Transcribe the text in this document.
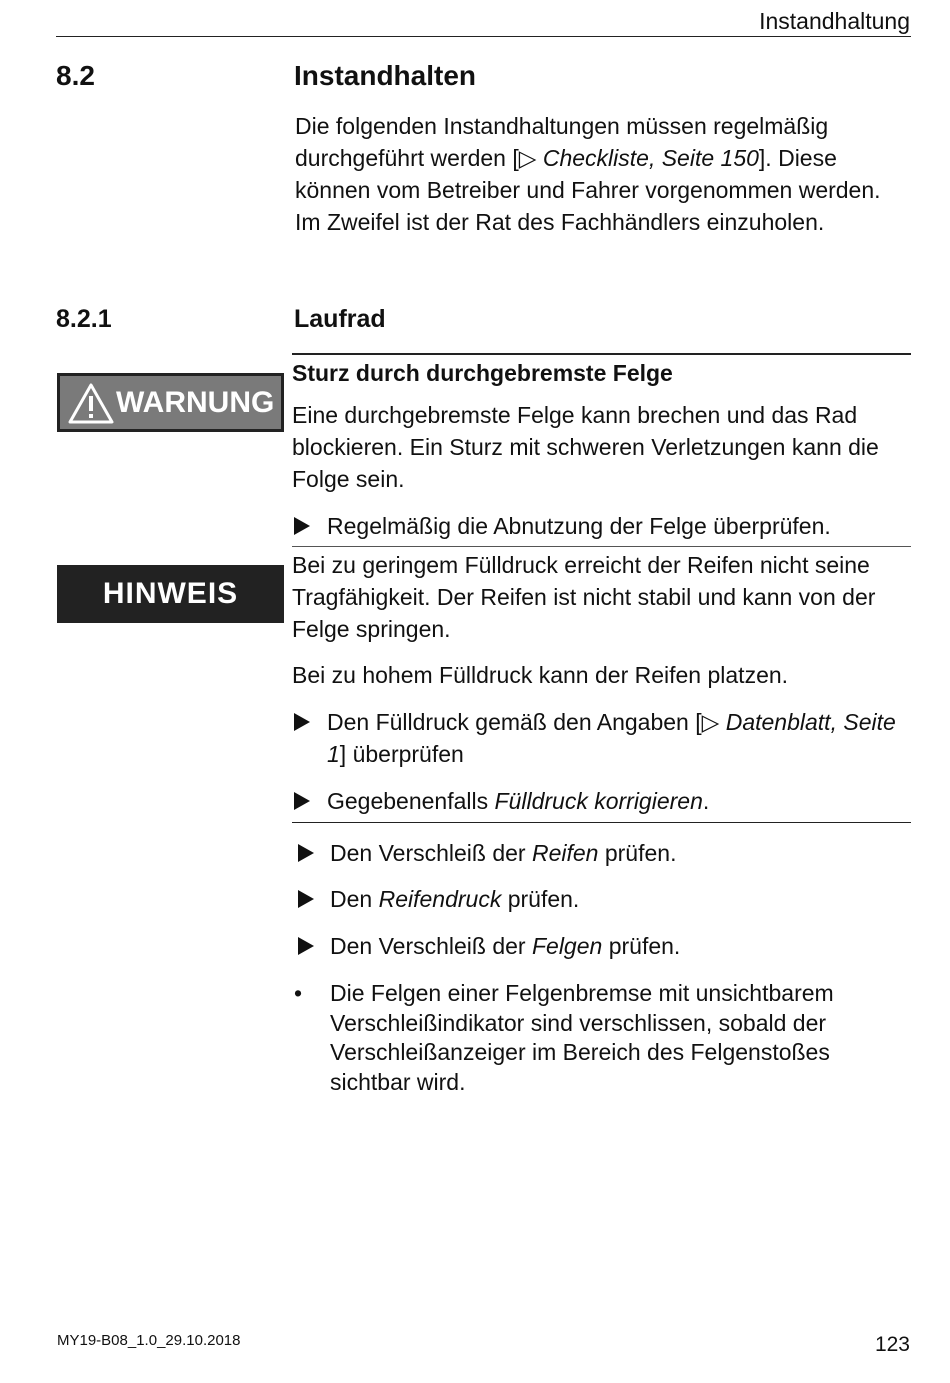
Instandhaltung
8.2	Instandhalten
Die folgenden Instandhaltungen müssen regelmäßig durchgeführt werden [▷ Checkliste, Seite 150]. Diese können vom Betreiber und Fahrer vorgenommen werden. Im Zweifel ist der Rat des Fachhändlers einzuholen.
8.2.1	Laufrad
WARNUNG
Sturz durch durchgebremste Felge
Eine durchgebremste Felge kann brechen und das Rad blockieren. Ein Sturz mit schweren Verletzungen kann die Folge sein.
Regelmäßig die Abnutzung der Felge überprüfen.
HINWEIS
Bei zu geringem Fülldruck erreicht der Reifen nicht seine Tragfähigkeit. Der Reifen ist nicht stabil und kann von der Felge springen.
Bei zu hohem Fülldruck kann der Reifen platzen.
Den Fülldruck gemäß den Angaben [▷ Datenblatt, Seite 1] überprüfen
Gegebenenfalls Fülldruck korrigieren.
Den Verschleiß der Reifen prüfen.
Den Reifendruck prüfen.
Den Verschleiß der Felgen prüfen.
•	Die Felgen einer Felgenbremse mit unsichtbarem Verschleißindikator sind verschlissen, sobald der Verschleißanzeiger im Bereich des Felgenstoßes sichtbar wird.
MY19-B08_1.0_29.10.2018	123
